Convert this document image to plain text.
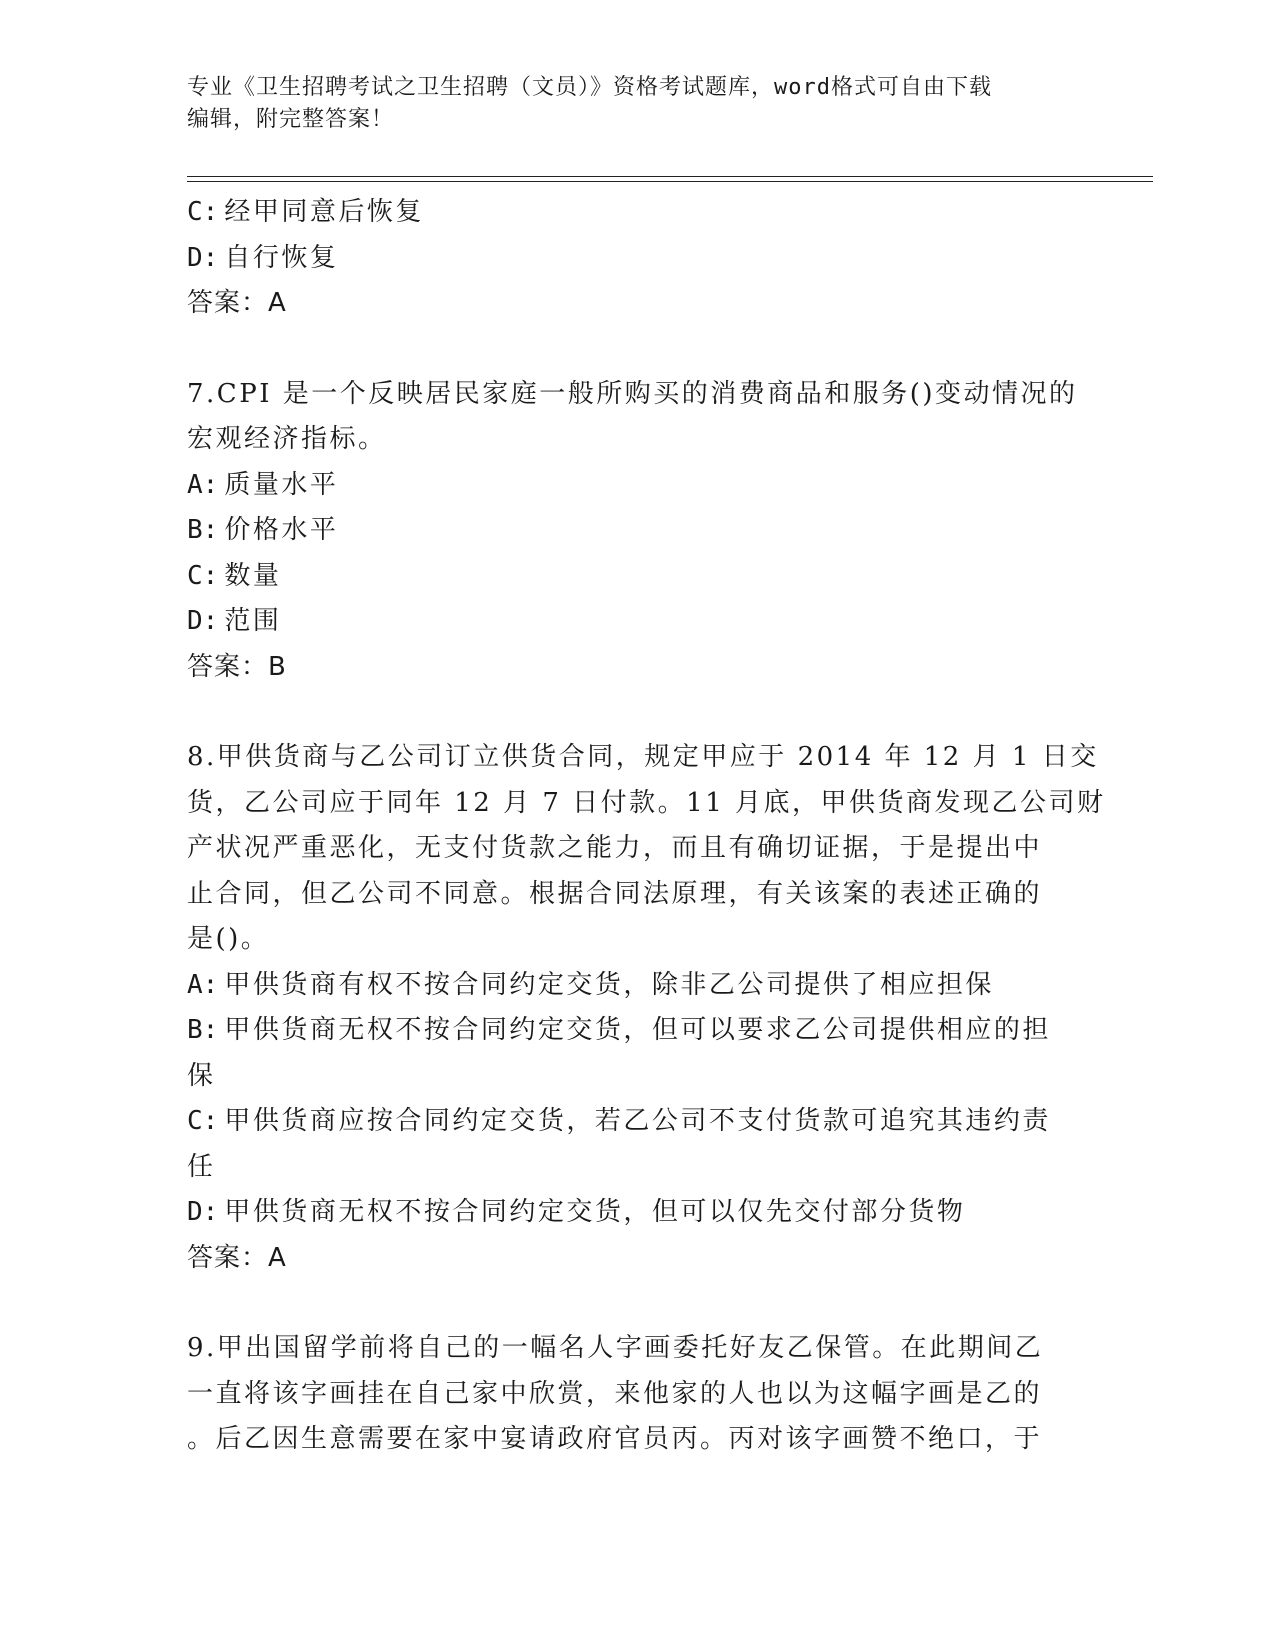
专业《卫生招聘考试之卫生招聘（文员）》资格考试题库，word格式可自由下载
编辑，附完整答案！
C: 经甲同意后恢复
D: 自行恢复
答案：A
7.CPI 是一个反映居民家庭一般所购买的消费商品和服务()变动情况的
宏观经济指标。
A: 质量水平
B: 价格水平
C: 数量
D: 范围
答案：B
8.甲供货商与乙公司订立供货合同，规定甲应于 2014 年 12 月 1 日交
货，乙公司应于同年 12 月 7 日付款。11 月底，甲供货商发现乙公司财
产状况严重恶化，无支付货款之能力，而且有确切证据，于是提出中
止合同，但乙公司不同意。根据合同法原理，有关该案的表述正确的
是()。
A: 甲供货商有权不按合同约定交货，除非乙公司提供了相应担保
B: 甲供货商无权不按合同约定交货，但可以要求乙公司提供相应的担
保
C: 甲供货商应按合同约定交货，若乙公司不支付货款可追究其违约责
任
D: 甲供货商无权不按合同约定交货，但可以仅先交付部分货物
答案：A
9.甲出国留学前将自己的一幅名人字画委托好友乙保管。在此期间乙
一直将该字画挂在自己家中欣赏，来他家的人也以为这幅字画是乙的
。后乙因生意需要在家中宴请政府官员丙。丙对该字画赞不绝口，于
